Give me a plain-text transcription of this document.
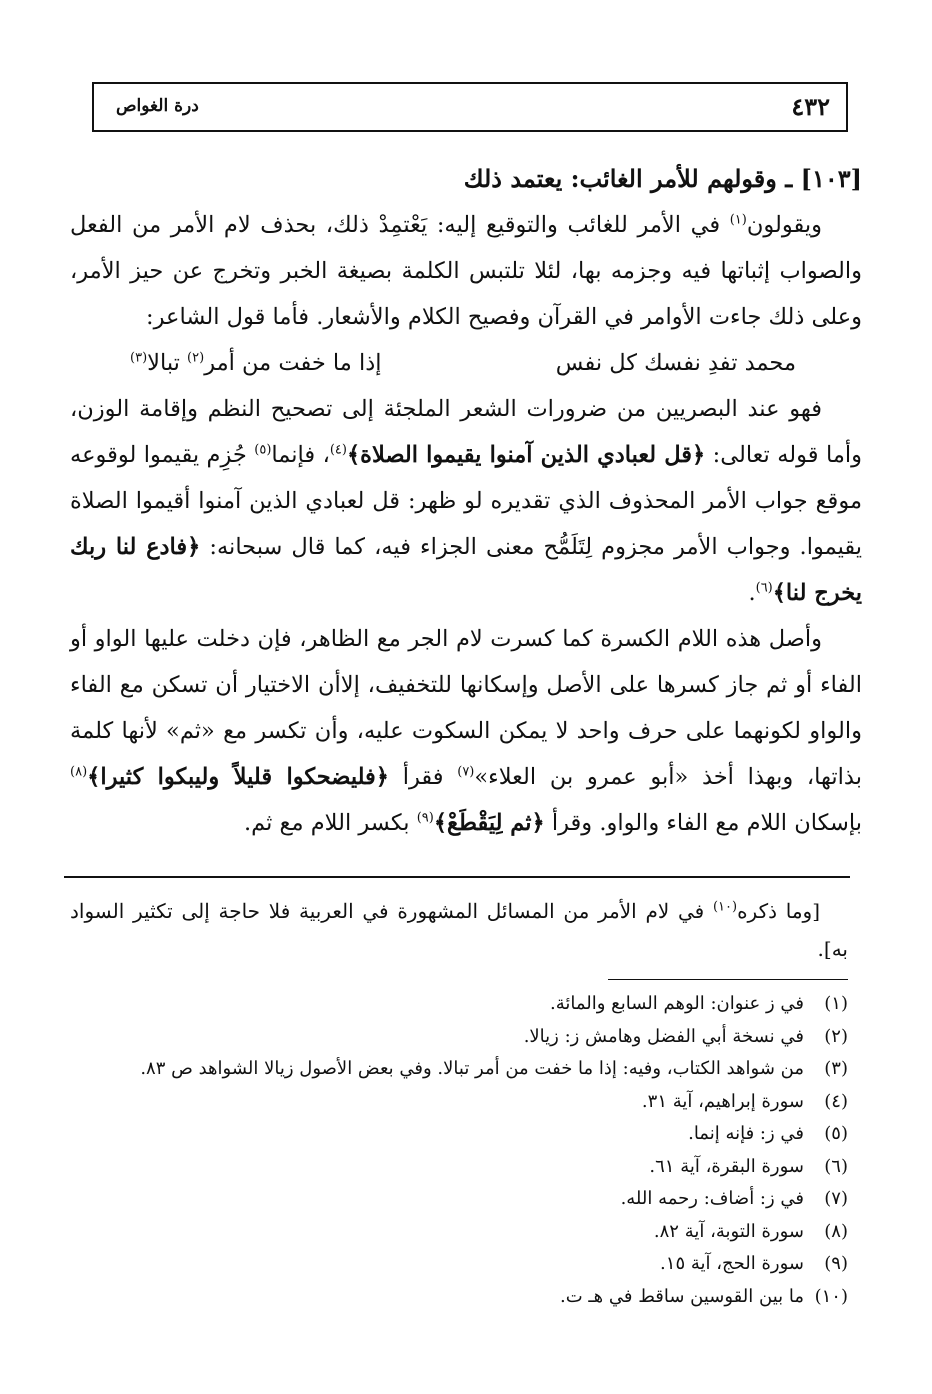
٤٣٢
درة الغواص
[١٠٣] ـ وقولهم للأمر الغائب: يعتمد ذلك

ويقولون$^{(١)}$ في الأمر للغائب والتوقيع إليه: يَعْتمِدْ ذلك، بحذف لام الأمر من الفعل والصواب إثباتها فيه وجزمه بها، لئلا تلتبس الكلمة بصيغة الخبر وتخرج عن حيز الأمر، وعلى ذلك جاءت الأوامر في القرآن وفصيح الكلام والأشعار. فأما قول الشاعر:

محمد تفدِ نفسك كل نفس
إذا ما خفت من أمر$^{(٢)}$ تبالا$^{(٣)}$

فهو عند البصريين من ضرورات الشعر الملجئة إلى تصحيح النظم وإقامة الوزن، وأما قوله تعالى: ﴿قل لعبادي الذين آمنوا يقيموا الصلاة﴾$^{(٤)}$، فإنما$^{(٥)}$ جُزِم يقيموا لوقوعه موقع جواب الأمر المحذوف الذي تقديره لو ظهر: قل لعبادي الذين آمنوا أقيموا الصلاة يقيموا. وجواب الأمر مجزوم لِتَلَمُّح معنى الجزاء فيه، كما قال سبحانه: ﴿فادع لنا ربك يخرج لنا﴾$^{(٦)}$.

وأصل هذه اللام الكسرة كما كسرت لام الجر مع الظاهر، فإن دخلت عليها الواو أو الفاء أو ثم جاز كسرها على الأصل وإسكانها للتخفيف، إلاأن الاختيار أن تسكن مع الفاء والواو لكونهما على حرف واحد لا يمكن السكوت عليه، وأن تكسر مع «ثم» لأنها كلمة بذاتها، وبهذا أخذ «أبو عمرو بن العلاء»$^{(٧)}$ فقرأ ﴿فليضحكوا قليلاً وليبكوا كثيرا﴾$^{(٨)}$ بإسكان اللام مع الفاء والواو. وقرأ ﴿ثم لِيَقْطَعْ﴾$^{(٩)}$ بكسر اللام مع ثم.

[وما ذكره$^{(١٠)}$ في لام الأمر من المسائل المشهورة في العربية فلا حاجة إلى تكثير السواد به].

(١)
في ز عنوان: الوهم السابع والمائة.
(٢)
في نسخة أبي الفضل وهامش ز: زيالا.
(٣)
من شواهد الكتاب، وفيه: إذا ما خفت من أمر تبالا. وفي بعض الأصول زيالا الشواهد ص ٨٣.
(٤)
سورة إبراهيم، آية ٣١.
(٥)
في ز: فإنه إنما.
(٦)
سورة البقرة، آية ٦١.
(٧)
في ز: أضاف: رحمه الله.
(٨)
سورة التوبة، آية ٨٢.
(٩)
سورة الحج، آية ١٥.
(١٠)
ما بين القوسين ساقط في هـ ت.
